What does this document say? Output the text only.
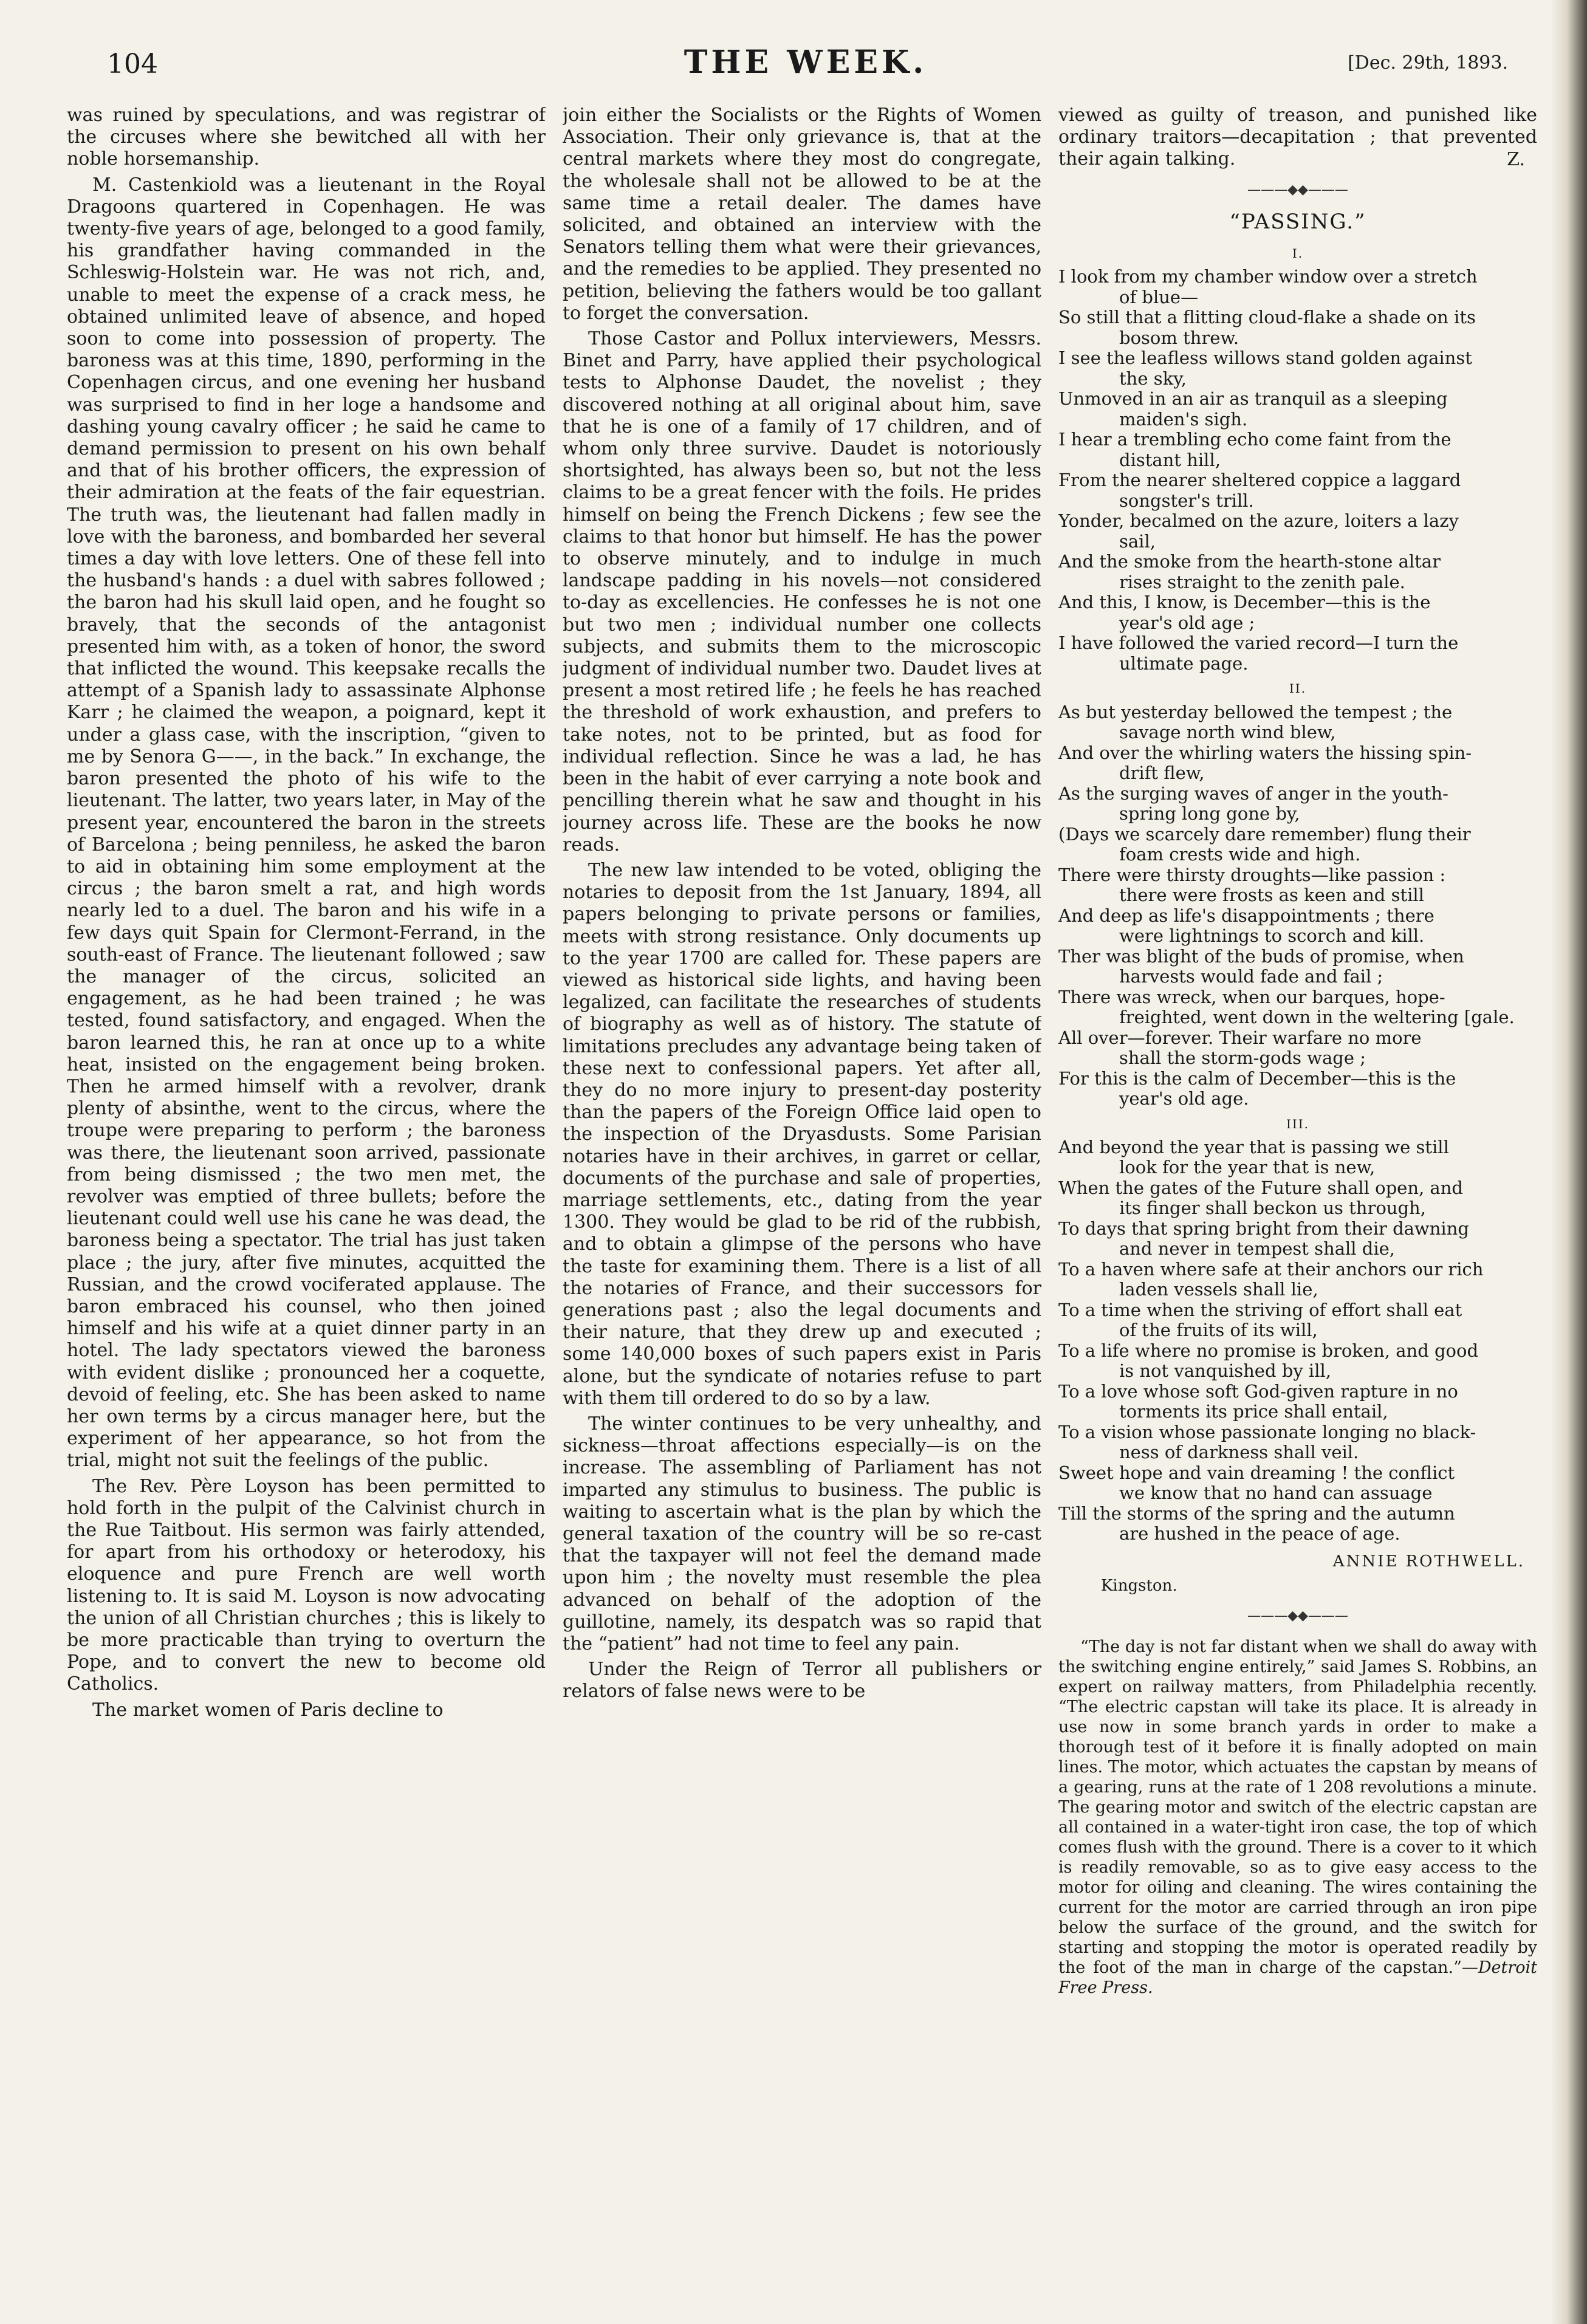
104	THE WEEK.	[Dec. 29th, 1893.

was ruined by speculations, and was registrar of the circuses where she bewitched all with her noble horsemanship.

M. Castenkiold was a lieutenant in the Royal Dragoons quartered in Copenhagen. He was twenty-five years of age, belonged to a good family, his grandfather having commanded in the Schleswig-Holstein war. He was not rich, and, unable to meet the expense of a crack mess, he obtained unlimited leave of absence, and hoped soon to come into possession of property. The baroness was at this time, 1890, performing in the Copenhagen circus, and one evening her husband was surprised to find in her loge a handsome and dashing young cavalry officer ; he said he came to demand permission to present on his own behalf and that of his brother officers, the expression of their admiration at the feats of the fair equestrian. The truth was, the lieutenant had fallen madly in love with the baroness, and bombarded her several times a day with love letters. One of these fell into the husband's hands : a duel with sabres followed ; the baron had his skull laid open, and he fought so bravely, that the seconds of the antagonist presented him with, as a token of honor, the sword that inflicted the wound. This keepsake recalls the attempt of a Spanish lady to assassinate Alphonse Karr ; he claimed the weapon, a poignard, kept it under a glass case, with the inscription, “given to me by Senora G——, in the back.” In exchange, the baron presented the photo of his wife to the lieutenant. The latter, two years later, in May of the present year, encountered the baron in the streets of Barcelona ; being penniless, he asked the baron to aid in obtaining him some employment at the circus ; the baron smelt a rat, and high words nearly led to a duel. The baron and his wife in a few days quit Spain for Clermont-Ferrand, in the south-east of France. The lieutenant followed ; saw the manager of the circus, solicited an engagement, as he had been trained ; he was tested, found satisfactory, and engaged. When the baron learned this, he ran at once up to a white heat, insisted on the engagement being broken. Then he armed himself with a revolver, drank plenty of absinthe, went to the circus, where the troupe were preparing to perform ; the baroness was there, the lieutenant soon arrived, passionate from being dismissed ; the two men met, the revolver was emptied of three bullets; before the lieutenant could well use his cane he was dead, the baroness being a spectator. The trial has just taken place ; the jury, after five minutes, acquitted the Russian, and the crowd vociferated applause. The baron embraced his counsel, who then joined himself and his wife at a quiet dinner party in an hotel. The lady spectators viewed the baroness with evident dislike ; pronounced her a coquette, devoid of feeling, etc. She has been asked to name her own terms by a circus manager here, but the experiment of her appearance, so hot from the trial, might not suit the feelings of the public.

The Rev. Père Loyson has been permitted to hold forth in the pulpit of the Calvinist church in the Rue Taitbout. His sermon was fairly attended, for apart from his orthodoxy or heterodoxy, his eloquence and pure French are well worth listening to. It is said M. Loyson is now advocating the union of all Christian churches ; this is likely to be more practicable than trying to overturn the Pope, and to convert the new to become old Catholics.

The market women of Paris decline to

join either the Socialists or the Rights of Women Association. Their only grievance is, that at the central markets where they most do congregate, the wholesale shall not be allowed to be at the same time a retail dealer. The dames have solicited, and obtained an interview with the Senators telling them what were their grievances, and the remedies to be applied. They presented no petition, believing the fathers would be too gallant to forget the conversation.

Those Castor and Pollux interviewers, Messrs. Binet and Parry, have applied their psychological tests to Alphonse Daudet, the novelist ; they discovered nothing at all original about him, save that he is one of a family of 17 children, and of whom only three survive. Daudet is notoriously shortsighted, has always been so, but not the less claims to be a great fencer with the foils. He prides himself on being the French Dickens ; few see the claims to that honor but himself. He has the power to observe minutely, and to indulge in much landscape padding in his novels—not considered to-day as excellencies. He confesses he is not one but two men ; individual number one collects subjects, and submits them to the microscopic judgment of individual number two. Daudet lives at present a most retired life ; he feels he has reached the threshold of work exhaustion, and prefers to take notes, not to be printed, but as food for individual reflection. Since he was a lad, he has been in the habit of ever carrying a note book and pencilling therein what he saw and thought in his journey across life. These are the books he now reads.

The new law intended to be voted, obliging the notaries to deposit from the 1st January, 1894, all papers belonging to private persons or families, meets with strong resistance. Only documents up to the year 1700 are called for. These papers are viewed as historical side lights, and having been legalized, can facilitate the researches of students of biography as well as of history. The statute of limitations precludes any advantage being taken of these next to confessional papers. Yet after all, they do no more injury to present-day posterity than the papers of the Foreign Office laid open to the inspection of the Dryasdusts. Some Parisian notaries have in their archives, in garret or cellar, documents of the purchase and sale of properties, marriage settlements, etc., dating from the year 1300. They would be glad to be rid of the rubbish, and to obtain a glimpse of the persons who have the taste for examining them. There is a list of all the notaries of France, and their successors for generations past ; also the legal documents and their nature, that they drew up and executed ; some 140,000 boxes of such papers exist in Paris alone, but the syndicate of notaries refuse to part with them till ordered to do so by a law.

The winter continues to be very unhealthy, and sickness—throat affections especially—is on the increase. The assembling of Parliament has not imparted any stimulus to business. The public is waiting to ascertain what is the plan by which the general taxation of the country will be so re-cast that the taxpayer will not feel the demand made upon him ; the novelty must resemble the plea advanced on behalf of the adoption of the guillotine, namely, its despatch was so rapid that the “patient” had not time to feel any pain.

Under the Reign of Terror all publishers or relators of false news were to be

viewed as guilty of treason, and punished like ordinary traitors—decapitation ; that prevented their again talking.	Z.
———◆◆———
“PASSING.”
I.
I look from my chamber window over a stretch
of blue—
So still that a flitting cloud-flake a shade on its
bosom threw.
I see the leafless willows stand golden against
the sky,
Unmoved in an air as tranquil as a sleeping
maiden's sigh.
I hear a trembling echo come faint from the
distant hill,
From the nearer sheltered coppice a laggard
songster's trill.
Yonder, becalmed on the azure, loiters a lazy
sail,
And the smoke from the hearth-stone altar
rises straight to the zenith pale.
And this, I know, is December—this is the
year's old age ;
I have followed the varied record—I turn the
ultimate page.
II.
As but yesterday bellowed the tempest ; the
savage north wind blew,
And over the whirling waters the hissing spin-
drift flew,
As the surging waves of anger in the youth-
spring long gone by,
(Days we scarcely dare remember) flung their
foam crests wide and high.
There were thirsty droughts—like passion :
there were frosts as keen and still
And deep as life's disappointments ; there
were lightnings to scorch and kill.
Ther was blight of the buds of promise, when
harvests would fade and fail ;
There was wreck, when our barques, hope-
freighted, went down in the weltering [gale.
All over—forever. Their warfare no more
shall the storm-gods wage ;
For this is the calm of December—this is the
year's old age.
III.
And beyond the year that is passing we still
look for the year that is new,
When the gates of the Future shall open, and
its finger shall beckon us through,
To days that spring bright from their dawning
and never in tempest shall die,
To a haven where safe at their anchors our rich
laden vessels shall lie,
To a time when the striving of effort shall eat
of the fruits of its will,
To a life where no promise is broken, and good
is not vanquished by ill,
To a love whose soft God-given rapture in no
torments its price shall entail,
To a vision whose passionate longing no black-
ness of darkness shall veil.
Sweet hope and vain dreaming ! the conflict
we know that no hand can assuage
Till the storms of the spring and the autumn
are hushed in the peace of age.
ANNIE ROTHWELL.
Kingston.
———◆◆———

“The day is not far distant when we shall do away with the switching engine entirely,” said James S. Robbins, an expert on railway matters, from Philadelphia recently. “The electric capstan will take its place. It is already in use now in some branch yards in order to make a thorough test of it before it is finally adopted on main lines. The motor, which actuates the capstan by means of a gearing, runs at the rate of 1 208 revolutions a minute. The gearing motor and switch of the electric capstan are all contained in a water-tight iron case, the top of which comes flush with the ground. There is a cover to it which is readily removable, so as to give easy access to the motor for oiling and cleaning. The wires containing the current for the motor are carried through an iron pipe below the surface of the ground, and the switch for starting and stopping the motor is operated readily by the foot of the man in charge of the capstan.”—Detroit Free Press.
